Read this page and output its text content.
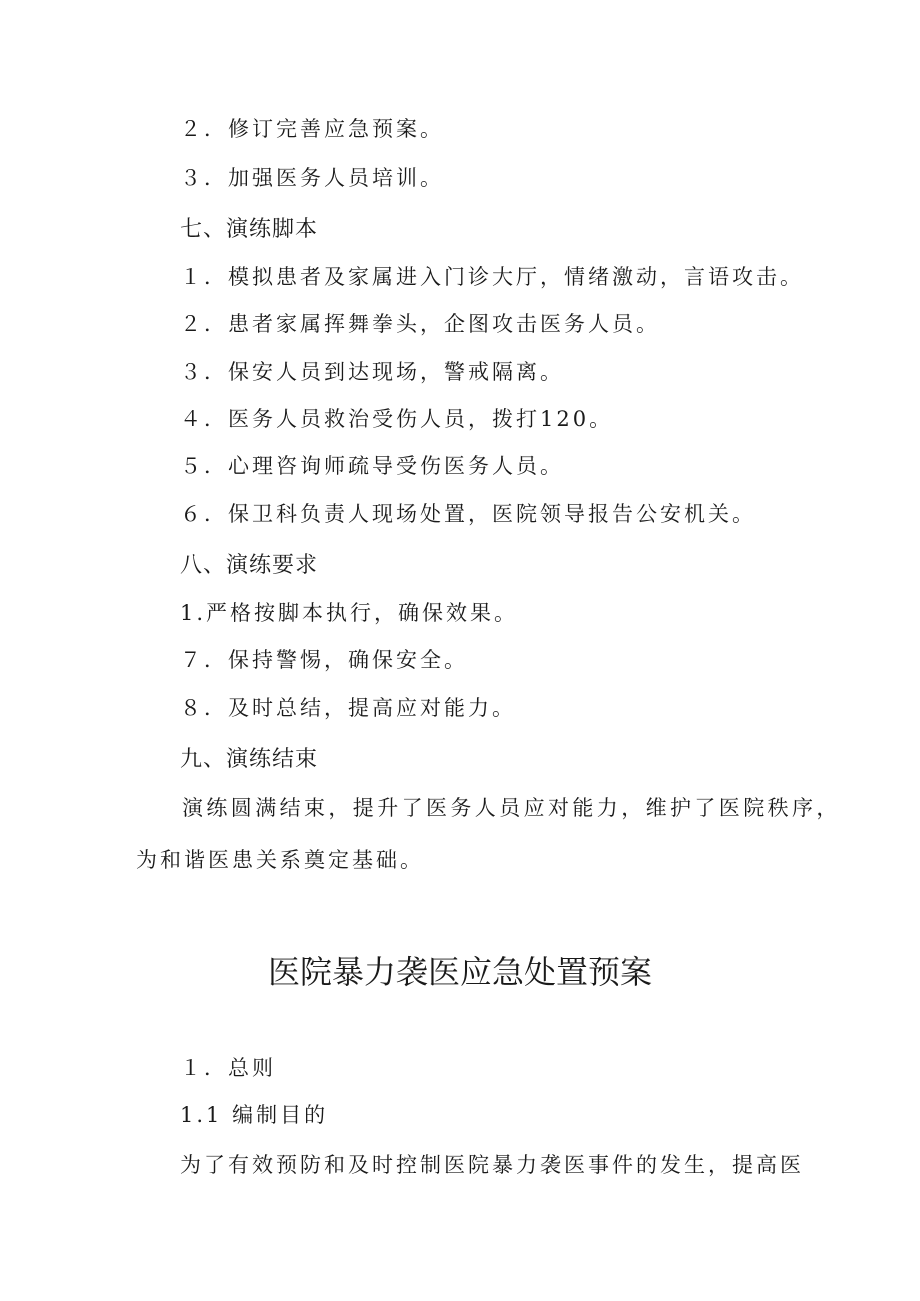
２．修订完善应急预案。
３．加强医务人员培训。
七、演练脚本
１．模拟患者及家属进入门诊大厅，情绪激动，言语攻击。
２．患者家属挥舞拳头，企图攻击医务人员。
３．保安人员到达现场，警戒隔离。
４．医务人员救治受伤人员，拨打120。
５．心理咨询师疏导受伤医务人员。
６．保卫科负责人现场处置，医院领导报告公安机关。
八、演练要求
1.严格按脚本执行，确保效果。
７．保持警惕，确保安全。
８．及时总结，提高应对能力。
九、演练结束
演练圆满结束，提升了医务人员应对能力，维护了医院秩序，
为和谐医患关系奠定基础。
医院暴力袭医应急处置预案
１．总则
1.1 编制目的
为了有效预防和及时控制医院暴力袭医事件的发生，提高医
